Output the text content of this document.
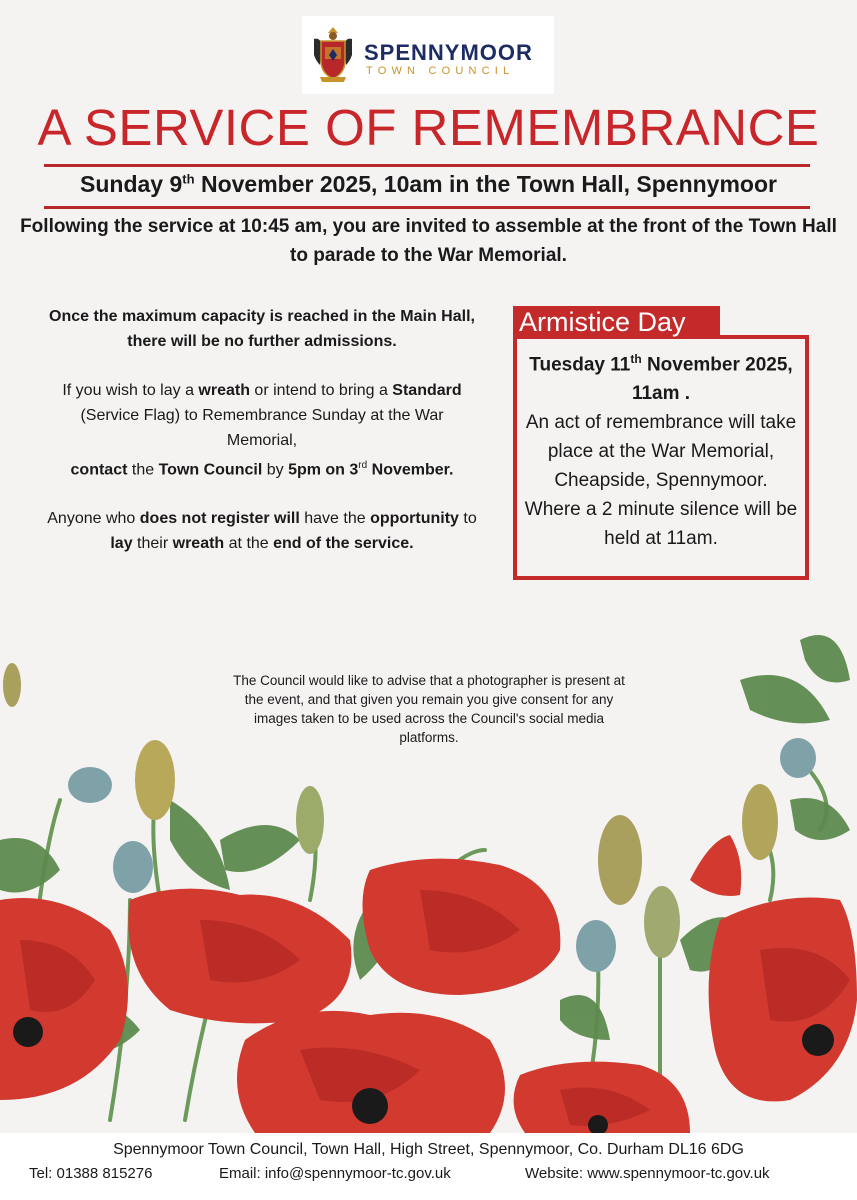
SPENNYMOOR
TOWN COUNCIL
A SERVICE OF REMEMBRANCE
Sunday 9th November 2025, 10am in the Town Hall, Spennymoor
Following the service at 10:45 am, you are invited to assemble at the front of the Town Hall to parade to the War Memorial.

Once the maximum capacity is reached in the Main Hall, there will be no further admissions.

If you wish to lay a wreath or intend to bring a Standard (Service Flag) to Remembrance Sunday at the War Memorial,
contact the Town Council by 5pm on 3rd November.

Anyone who does not register will have the opportunity to lay their wreath at the end of the service.

Tuesday 11th November 2025, 11am .
An act of remembrance will take place at the War Memorial, Cheapside, Spennymoor.
Where a 2 minute silence will be held at 11am.
Armistice Day
The Council would like to advise that a photographer is present at the event, and that given you remain you give consent for any images taken to be used across the Council's social media platforms.
Spennymoor Town Council, Town Hall, High Street, Spennymoor, Co. Durham DL16 6DG
Tel: 01388 815276	Email: info@spennymoor-tc.gov.uk	Website: www.spennymoor-tc.gov.uk
